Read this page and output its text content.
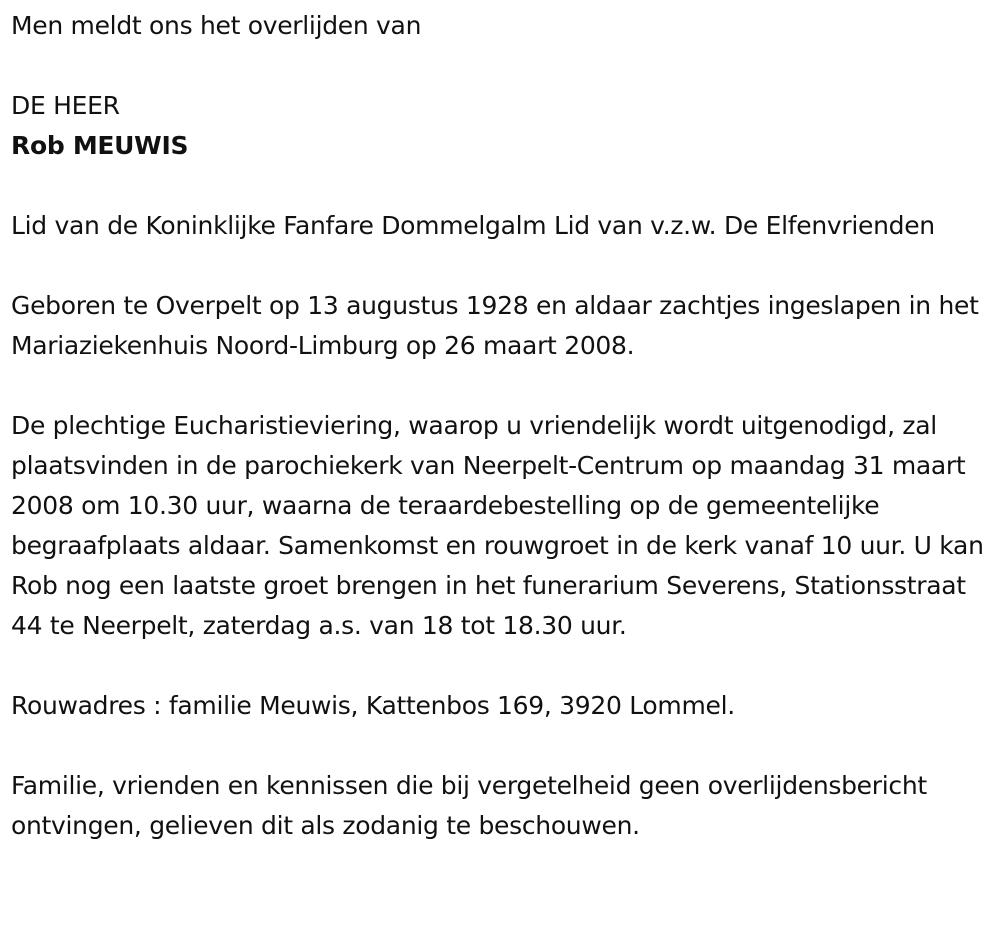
Men meldt ons het overlijden van

DE HEER

Rob MEUWIS

Lid van de Koninklijke Fanfare Dommelgalm Lid van v.z.w. De Elfenvrienden

Geboren te Overpelt op 13 augustus 1928 en aldaar zachtjes ingeslapen in het Mariaziekenhuis Noord-Limburg op 26 maart 2008.

De plechtige Eucharistieviering, waarop u vriendelijk wordt uitgenodigd, zal plaatsvinden in de parochiekerk van Neerpelt-Centrum op maandag 31 maart 2008 om 10.30 uur, waarna de teraardebestelling op de gemeentelijke begraafplaats aldaar. Samenkomst en rouwgroet in de kerk vanaf 10 uur. U kan Rob nog een laatste groet brengen in het funerarium Severens, Stationsstraat 44 te Neerpelt, zaterdag a.s. van 18 tot 18.30 uur.

Rouwadres : familie Meuwis, Kattenbos 169, 3920 Lommel.

Familie, vrienden en kennissen die bij vergetelheid geen overlijdensbericht ontvingen, gelieven dit als zodanig te beschouwen.
